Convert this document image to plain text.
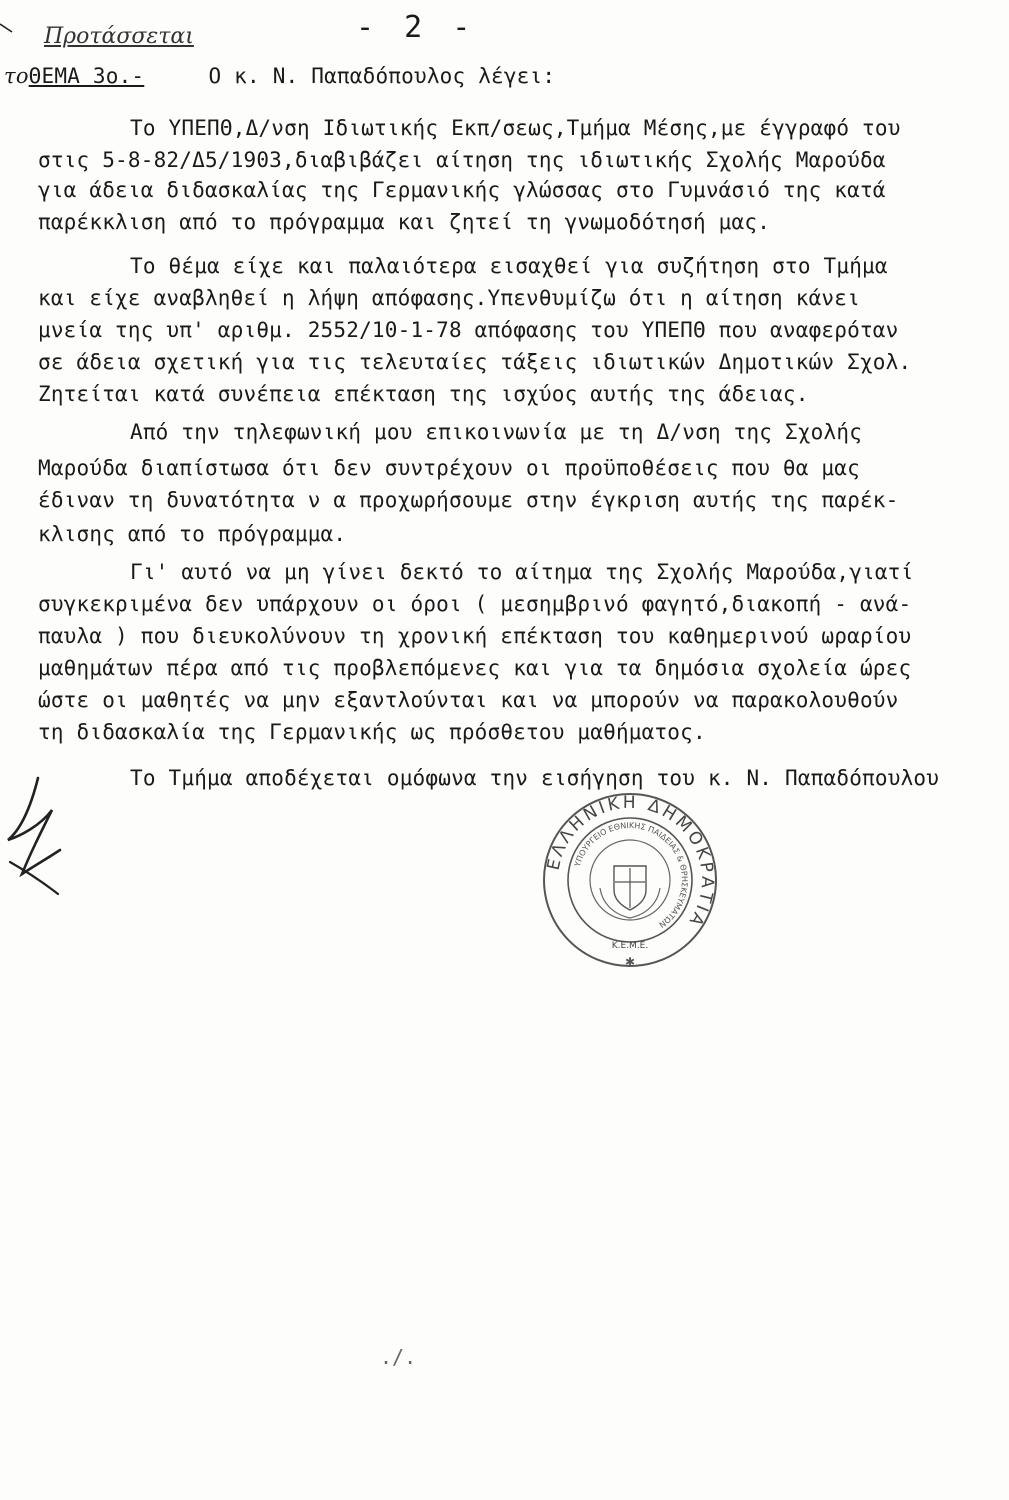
Προτάσσεται	- 2 -
τοΘΕΜΑ 3ο.-	Ο κ. Ν. Παπαδόπουλος λέγει:
Το ΥΠΕΠΘ,Δ/νση Ιδιωτικής Εκπ/σεως,Τμήμα Μέσης,με έγγραφό του
στις 5-8-82/Δ5/1903,διαβιβάζει αίτηση της ιδιωτικής Σχολής Μαρούδα
για άδεια διδασκαλίας της Γερμανικής γλώσσας στο Γυμνάσιό της κατά
παρέκκλιση από το πρόγραμμα και ζητεί τη γνωμοδότησή μας.
Το θέμα είχε και παλαιότερα εισαχθεί για συζήτηση στο Τμήμα
και είχε αναβληθεί η λήψη απόφασης.Υπενθυμίζω ότι η αίτηση κάνει
μνεία της υπ' αριθμ. 2552/10-1-78 απόφασης του ΥΠΕΠΘ που αναφερόταν
σε άδεια σχετική για τις τελευταίες τάξεις ιδιωτικών Δημοτικών Σχολ.
Ζητείται κατά συνέπεια επέκταση της ισχύος αυτής της άδειας.
Από την τηλεφωνική μου επικοινωνία με τη Δ/νση της Σχολής
Μαρούδα διαπίστωσα ότι δεν συντρέχουν οι προϋποθέσεις που θα μας
έδιναν τη δυνατότητα ν α προχωρήσουμε στην έγκριση αυτής της παρέκ-
κλισης από το πρόγραμμα.
Γι' αυτό να μη γίνει δεκτό το αίτημα της Σχολής Μαρούδα,γιατί
συγκεκριμένα δεν υπάρχουν οι όροι ( μεσημβρινό φαγητό,διακοπή - ανά-
παυλα ) που διευκολύνουν τη χρονική επέκταση του καθημερινού ωραρίου
μαθημάτων πέρα από τις προβλεπόμενες και για τα δημόσια σχολεία ώρες
ώστε οι μαθητές να μην εξαντλούνται και να μπορούν να παρακολουθούν
τη διδασκαλία της Γερμανικής ως πρόσθετου μαθήματος.
Το Τμήμα αποδέχεται ομόφωνα την εισήγηση του κ. Ν. Παπαδόπουλου
ΕΛΛΗΝΙΚΗ ΔΗΜΟΚΡΑΤΙΑ
ΥΠΟΥΡΓΕΙΟ ΕΘΝΙΚΗΣ ΠΑΙΔΕΙΑΣ & ΘΡΗΣΚΕΥΜΑΤΩΝ
Κ.Ε.Μ.Ε.
✱
./.
